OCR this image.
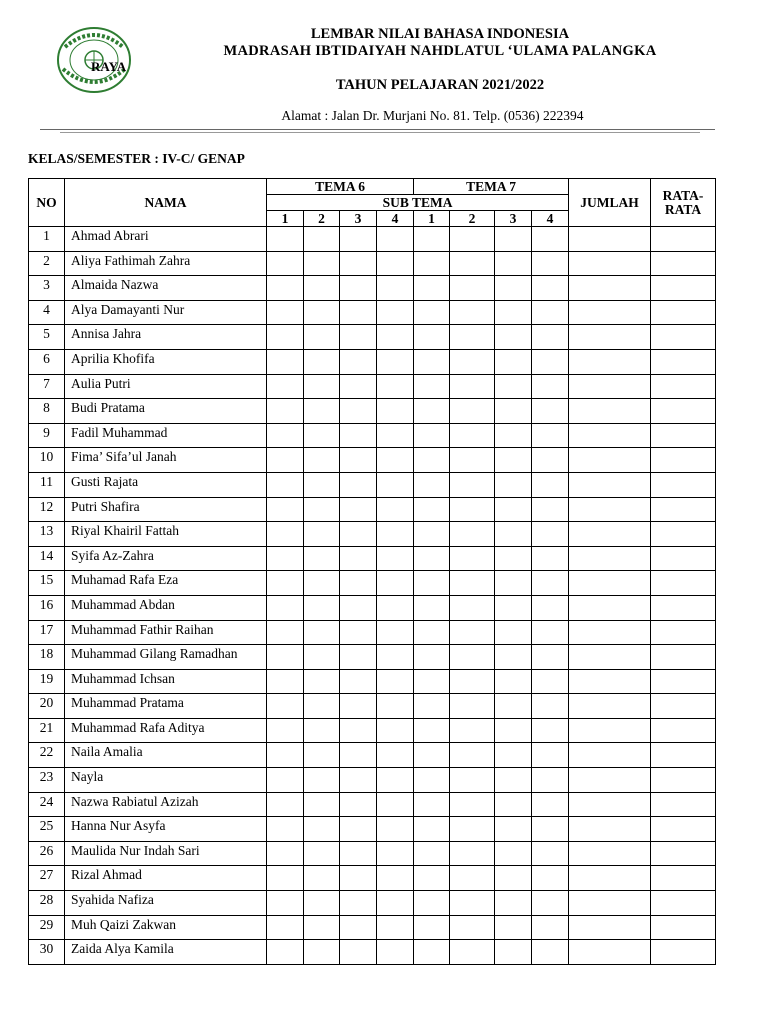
RAYA
LEMBAR NILAI BAHASA INDONESIA
MADRASAH IBTIDAIYAH NAHDLATUL ‘ULAMA PALANGKA
TAHUN PELAJARAN 2021/2022
Alamat : Jalan Dr. Murjani No. 81. Telp. (0536) 222394
KELAS/SEMESTER : IV-C/ GENAP
NO	NAMA	TEMA 6				TEMA 7				JUMLAH	RATA-
RATA
		SUB TEMA									
		1	2	3	4	1	2	3	4		
1	Ahmad Abrari										
2	Aliya Fathimah Zahra										
3	Almaida Nazwa										
4	Alya Damayanti Nur										
5	Annisa Jahra										
6	Aprilia Khofifa										
7	Aulia Putri										
8	Budi Pratama										
9	Fadil Muhammad										
10	Fima’ Sifa’ul Janah										
11	Gusti Rajata										
12	Putri Shafira										
13	Riyal Khairil Fattah										
14	Syifa Az-Zahra										
15	Muhamad Rafa Eza										
16	Muhammad Abdan										
17	Muhammad Fathir Raihan										
18	Muhammad Gilang Ramadhan										
19	Muhammad Ichsan										
20	Muhammad Pratama										
21	Muhammad Rafa Aditya										
22	Naila Amalia										
23	Nayla										
24	Nazwa Rabiatul Azizah										
25	Hanna Nur Asyfa										
26	Maulida Nur Indah Sari										
27	Rizal Ahmad										
28	Syahida Nafiza										
29	Muh Qaizi Zakwan										
30	Zaida Alya Kamila										
